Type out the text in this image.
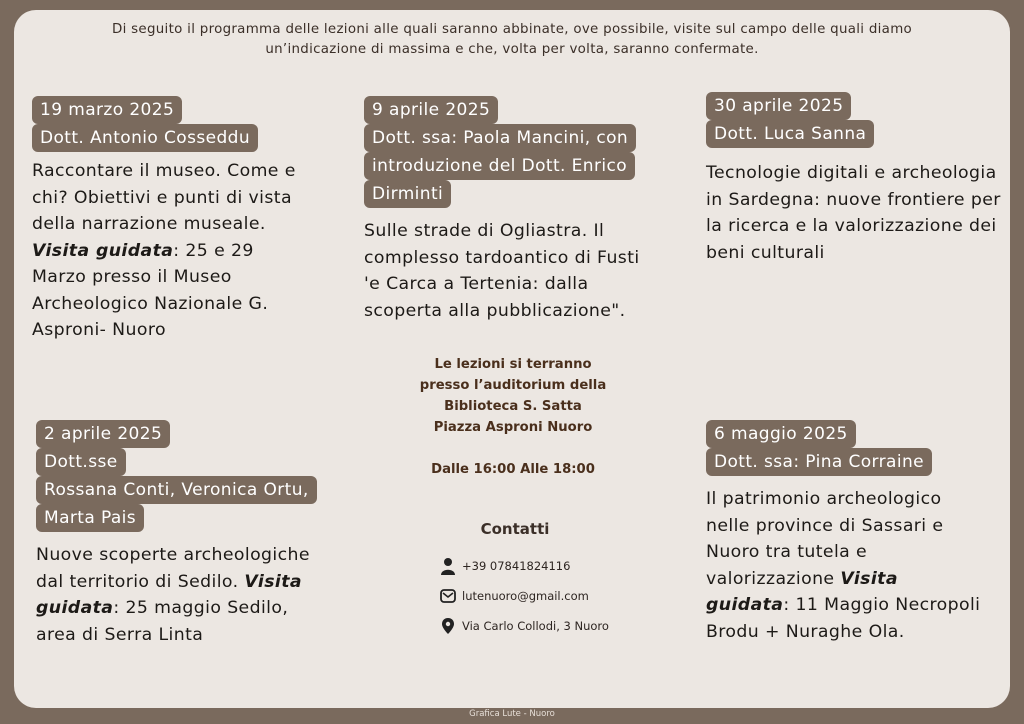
Di seguito il programma delle lezioni alle quali saranno abbinate, ove possibile, visite sul campo delle quali diamo un’indicazione di massima e che, volta per volta, saranno confermate.
19 marzo 2025
Dott. Antonio Cosseddu
Raccontare il museo. Come e chi? Obiettivi e punti di vista della narrazione museale. Visita guidata: 25 e 29 Marzo presso il Museo Archeologico Nazionale G. Asproni- Nuoro
9 aprile 2025
Dott. ssa: Paola Mancini, con
introduzione del Dott. Enrico
Dirminti
Sulle strade di Ogliastra. Il complesso tardoantico di Fusti 'e Carca a Tertenia: dalla scoperta alla pubblicazione".
30 aprile 2025
Dott. Luca Sanna
Tecnologie digitali e archeologia in Sardegna: nuove frontiere per la ricerca e la valorizzazione dei beni culturali
2 aprile 2025
Dott.sse
Rossana Conti, Veronica Ortu,
Marta Pais
Nuove scoperte archeologiche dal territorio di Sedilo. Visita guidata: 25 maggio Sedilo, area di Serra Linta
6 maggio 2025
Dott. ssa: Pina Corraine
Il patrimonio archeologico nelle province di Sassari e Nuoro tra tutela e valorizzazione Visita guidata: 11 Maggio Necropoli Brodu + Nuraghe Ola.
Le lezioni si terranno
presso l’auditorium della
Biblioteca S. Satta
Piazza Asproni Nuoro
Dalle 16:00 Alle 18:00
Contatti
+39 07841824116
lutenuoro@gmail.com
Via Carlo Collodi, 3 Nuoro
Grafica Lute - Nuoro
